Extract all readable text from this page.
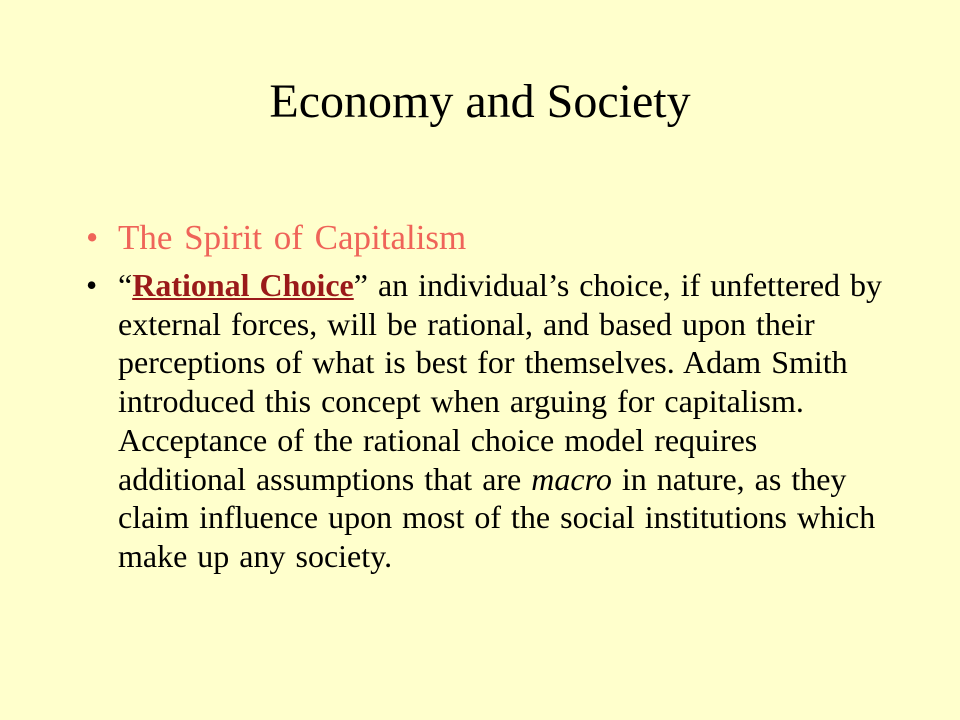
Economy and Society
• The Spirit of Capitalism
• “Rational Choice” an individual’s choice, if unfettered by
external forces, will be rational, and based upon their
perceptions of what is best for themselves. Adam Smith
introduced this concept when arguing for capitalism.
Acceptance of the rational choice model requires
additional assumptions that are macro in nature, as they
claim influence upon most of the social institutions which
make up any society.
